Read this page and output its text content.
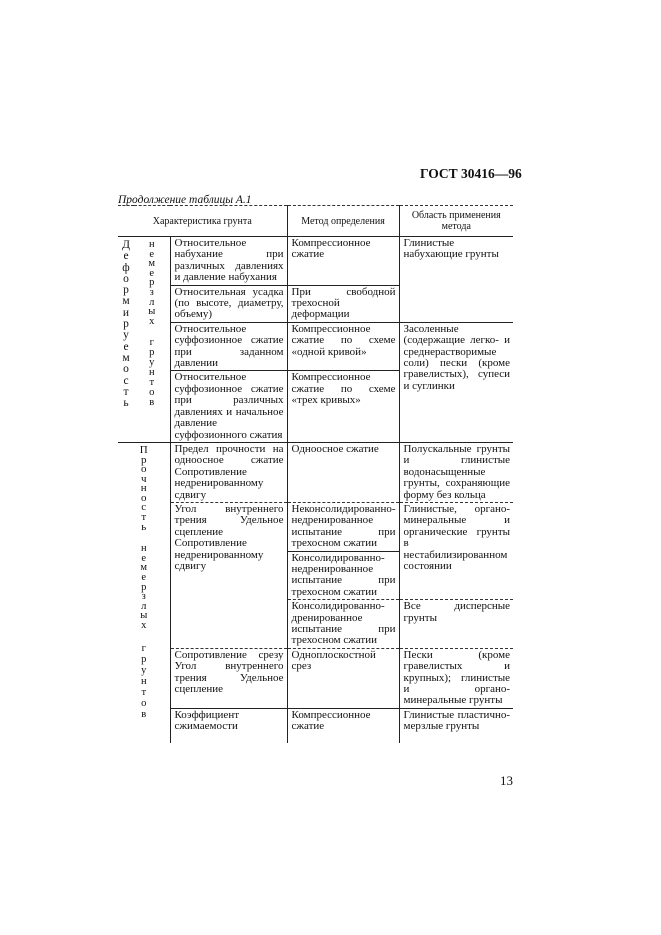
ГОСТ 30416—96
Продолжение таблицы А.1
Характеристика грунта			Метод определения	Область применения метода

Деформируемость	немерзлых
грунтов	Относительное набухание при различных давлениях и давление набухания	Компрессионное сжатие	Глинистые набухающие грунты
		Относительная усадка (по высоте, диаметру, объему)	При свободной трехосной деформации	
		Относительное суффозионное сжатие при заданном давлении	Компрессионное сжатие по схеме «одной кривой»	Засоленные (содержащие легко- и среднерастворимые соли) пески (кроме гравелистых), супеси и суглинки
		Относительное суффозионное сжатие при различных давлениях и начальное давление суффозионного сжатия	Компрессионное сжатие по схеме «трех кривых»	

Прочность
немерзлых
грунтов		Предел прочности на одноосное сжатие Сопротивление недренированному сдвигу	Одноосное сжатие	Полускальные грунты и глинистые водонасыщенные грунты, сохраняющие форму без кольца
		Угол внутреннего трения Удельное сцепление Сопротивление недренированному сдвигу	Неконсолидированно-недренированное испытание при трехосном сжатии	Глинистые, органо-минеральные и органические грунты в нестабилизированном состоянии
			Консолидированно-недренированное испытание при трехосном сжатии	
			Консолидированно-дренированное испытание при трехосном сжатии	Все дисперсные грунты
		Сопротивление срезу Угол внутреннего трения Удельное сцепление	Одноплоскостной срез	Пески (кроме гравелистых и крупных); глинистые и органо-минеральные грунты
		Коэффициент сжимаемости	Компрессионное сжатие	Глинистые пластично-мерзлые грунты
13
